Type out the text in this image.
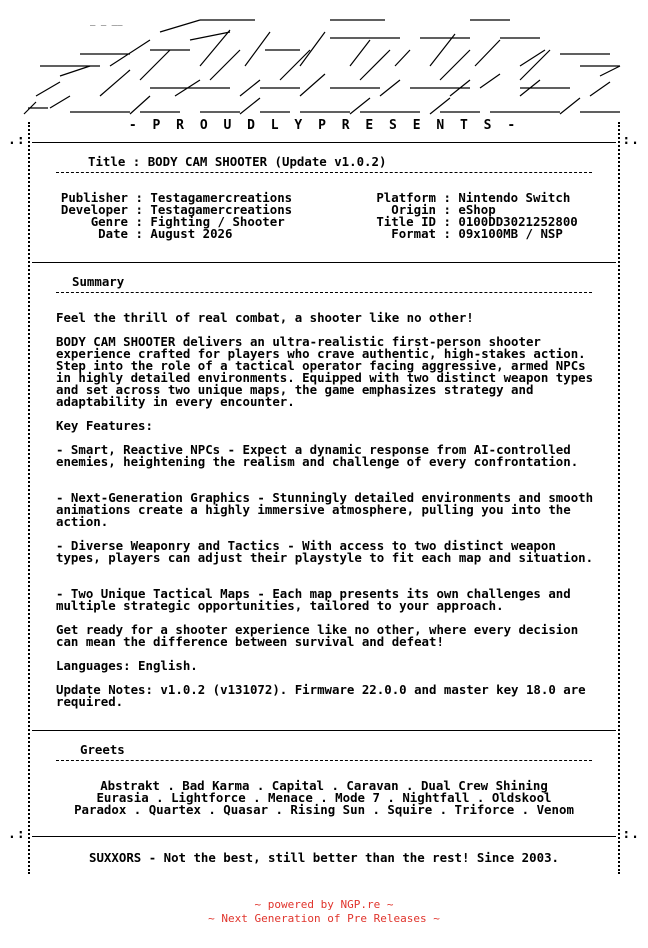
_ _ __
- P R O U D L Y P R E S E N T S -
.:	:.
.:	:.
Title : BODY CAM SHOOTER (Update v1.0.2)
Publisher : Testagamercreations
Developer : Testagamercreations
Genre : Fighting / Shooter
Date : August 2026
Platform : Nintendo Switch
Origin : eShop
Title ID : 0100DD3021252800
Format : 09x100MB / NSP
Summary
Feel the thrill of real combat, a shooter like no other!
BODY CAM SHOOTER delivers an ultra-realistic first-person shooter experience crafted for players who crave authentic, high-stakes action. Step into the role of a tactical operator facing aggressive, armed NPCs in highly detailed environments. Equipped with two distinct weapon types and set across two unique maps, the game emphasizes strategy and adaptability in every encounter.
Key Features:
- Smart, Reactive NPCs - Expect a dynamic response from AI-controlled enemies, heightening the realism and challenge of every confrontation.
- Next-Generation Graphics - Stunningly detailed environments and smooth animations create a highly immersive atmosphere, pulling you into the action.
- Diverse Weaponry and Tactics - With access to two distinct weapon types, players can adjust their playstyle to fit each map and situation.
- Two Unique Tactical Maps - Each map presents its own challenges and multiple strategic opportunities, tailored to your approach.
Get ready for a shooter experience like no other, where every decision can mean the difference between survival and defeat!
Languages: English.
Update Notes: v1.0.2 (v131072). Firmware 22.0.0 and master key 18.0 are required.
Greets
Abstrakt . Bad Karma . Capital . Caravan . Dual Crew Shining
Eurasia . Lightforce . Menace . Mode 7 . Nightfall . Oldskool
Paradox . Quartex . Quasar . Rising Sun . Squire . Triforce . Venom
SUXXORS - Not the best, still better than the rest! Since 2003.
~ powered by NGP.re ~
~ Next Generation of Pre Releases ~
